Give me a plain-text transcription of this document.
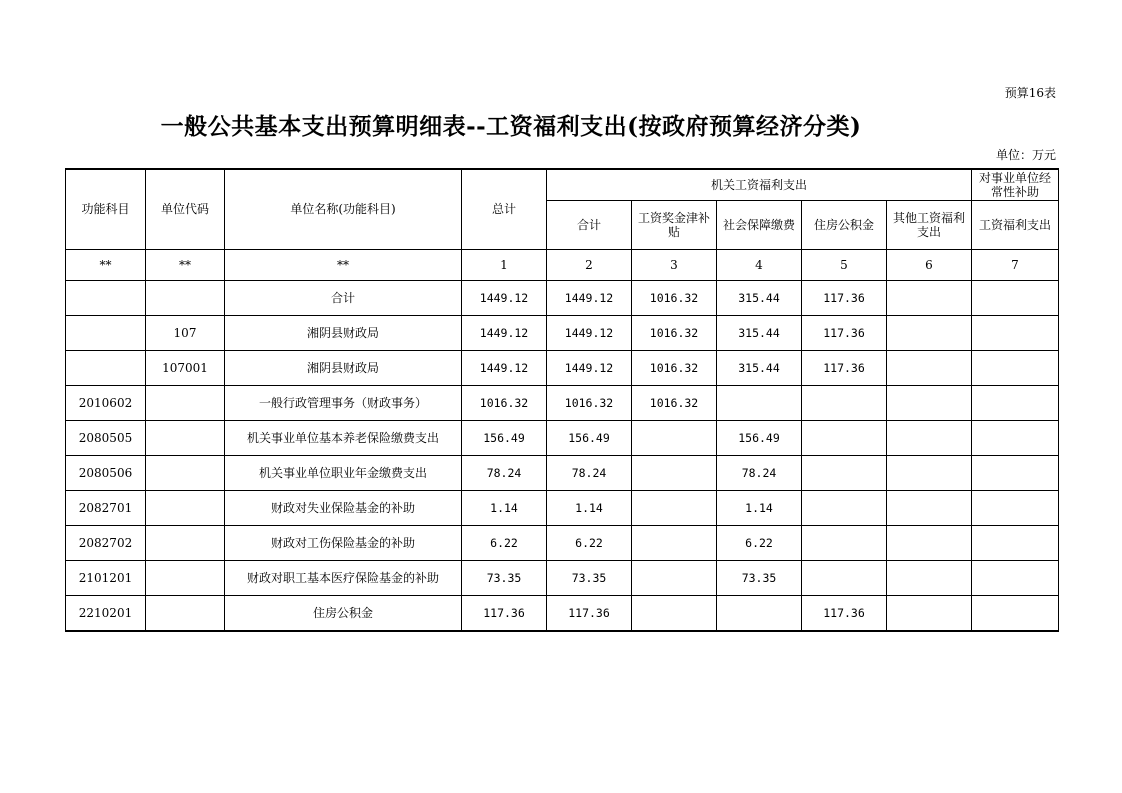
预算16表
一般公共基本支出预算明细表--工资福利支出(按政府预算经济分类)
单位：万元
功能科目	单位代码	单位名称(功能科目)	总计	机关工资福利支出					对事业单位经常性补助
				合计	工资奖金津补贴	社会保障缴费	住房公积金	其他工资福利支出	工资福利支出
**	**	**	1	2	3	4	5	6	7
		合计	1449.12	1449.12	1016.32	315.44	117.36		
	107	湘阴县财政局	1449.12	1449.12	1016.32	315.44	117.36		
	107001	湘阴县财政局	1449.12	1449.12	1016.32	315.44	117.36		
2010602		一般行政管理事务（财政事务）	1016.32	1016.32	1016.32				
2080505		机关事业单位基本养老保险缴费支出	156.49	156.49		156.49			
2080506		机关事业单位职业年金缴费支出	78.24	78.24		78.24			
2082701		财政对失业保险基金的补助	1.14	1.14		1.14			
2082702		财政对工伤保险基金的补助	6.22	6.22		6.22			
2101201		财政对职工基本医疗保险基金的补助	73.35	73.35		73.35			
2210201		住房公积金	117.36	117.36			117.36		
